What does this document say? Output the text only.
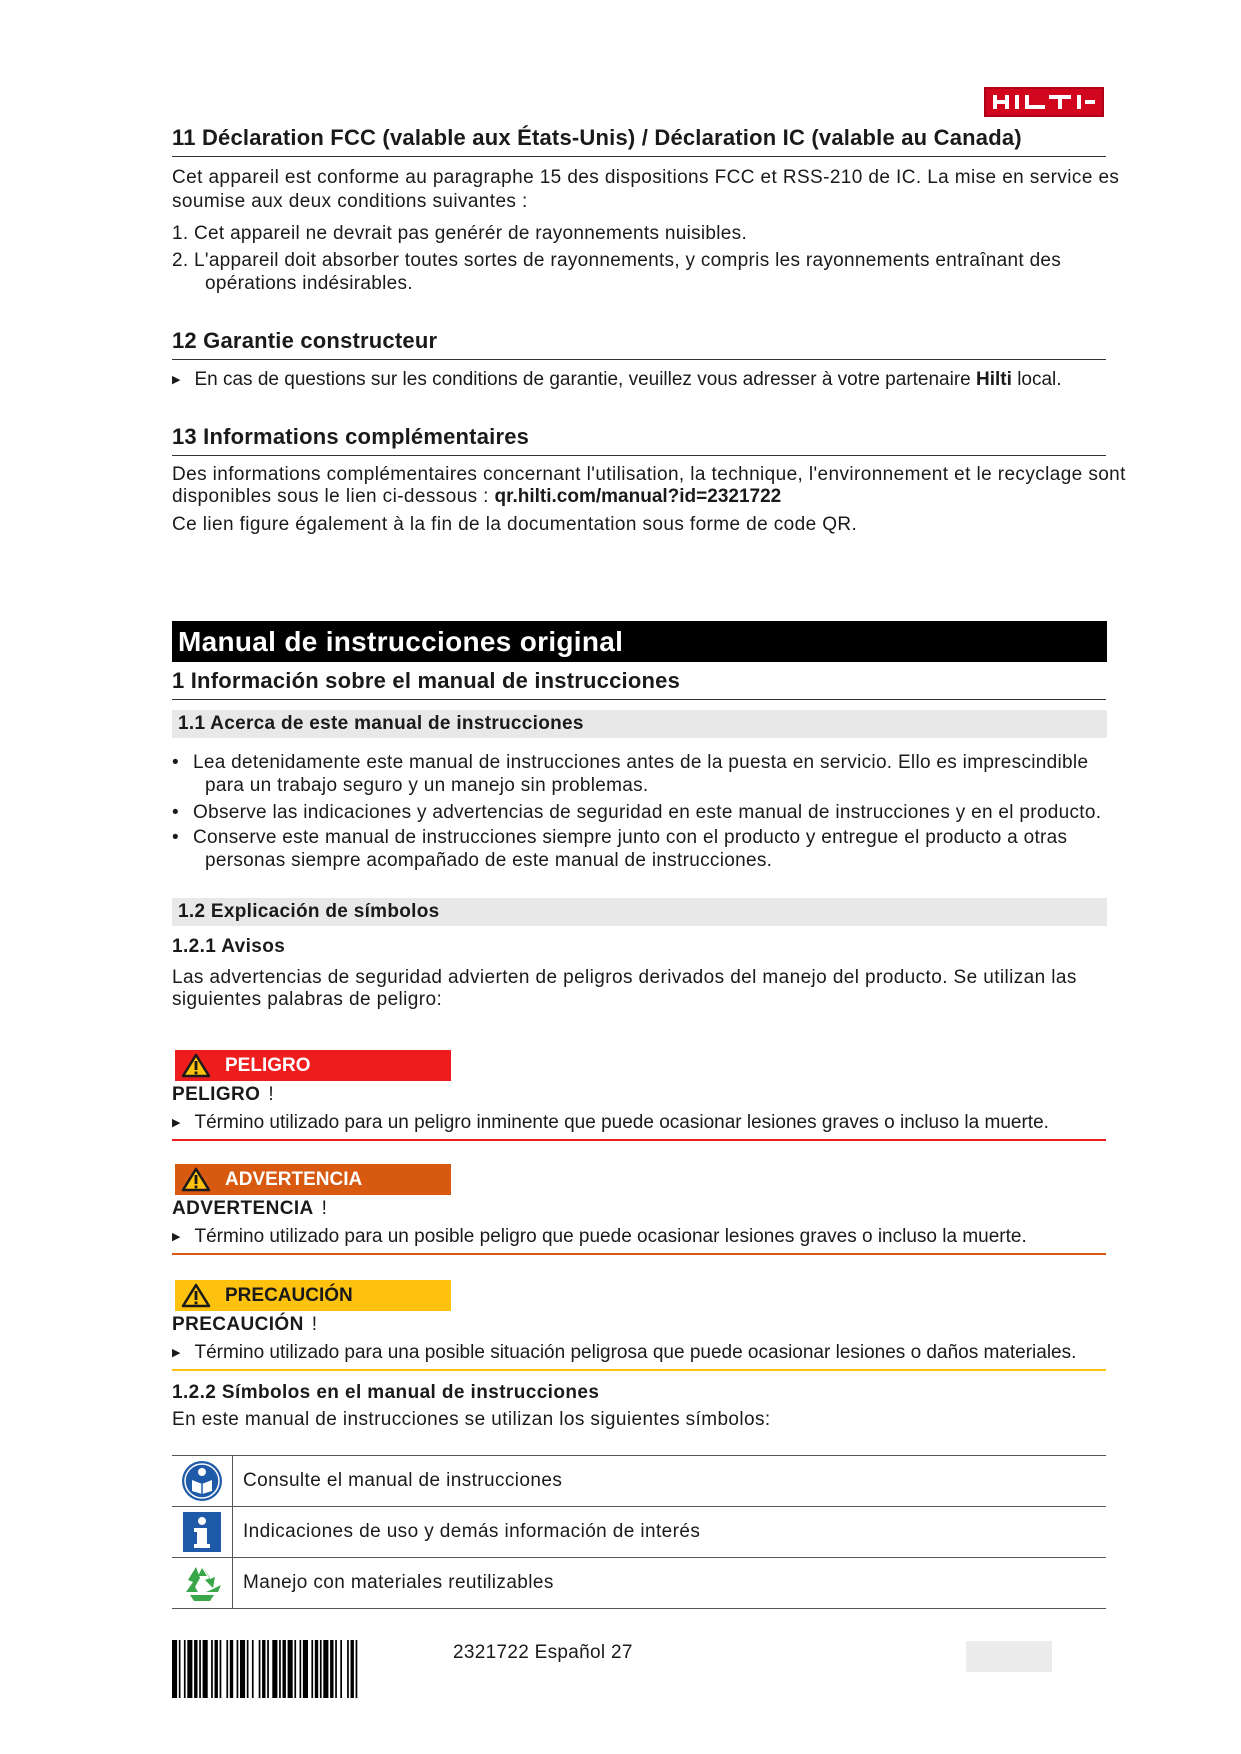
11 Déclaration FCC (valable aux États-Unis) / Déclaration IC (valable au Canada)
Cet appareil est conforme au paragraphe 15 des dispositions FCC et RSS-210 de IC. La mise en service es
soumise aux deux conditions suivantes :
1. Cet appareil ne devrait pas genérér de rayonnements nuisibles.
2. L'appareil doit absorber toutes sortes de rayonnements, y compris les rayonnements entraînant des
opérations indésirables.
12 Garantie constructeur
▶ En cas de questions sur les conditions de garantie, veuillez vous adresser à votre partenaire Hilti local.
13 Informations complémentaires
Des informations complémentaires concernant l'utilisation, la technique, l'environnement et le recyclage sont
disponibles sous le lien ci-dessous : qr.hilti.com/manual?id=2321722
Ce lien figure également à la fin de la documentation sous forme de code QR.
Manual de instrucciones original
1 Información sobre el manual de instrucciones
1.1 Acerca de este manual de instrucciones
• Lea detenidamente este manual de instrucciones antes de la puesta en servicio. Ello es imprescindible
para un trabajo seguro y un manejo sin problemas.
• Observe las indicaciones y advertencias de seguridad en este manual de instrucciones y en el producto.
• Conserve este manual de instrucciones siempre junto con el producto y entregue el producto a otras
personas siempre acompañado de este manual de instrucciones.
1.2 Explicación de símbolos
1.2.1 Avisos
Las advertencias de seguridad advierten de peligros derivados del manejo del producto. Se utilizan las
siguientes palabras de peligro:
PELIGRO
PELIGRO !
▶ Término utilizado para un peligro inminente que puede ocasionar lesiones graves o incluso la muerte.
ADVERTENCIA
ADVERTENCIA !
▶ Término utilizado para un posible peligro que puede ocasionar lesiones graves o incluso la muerte.
PRECAUCIÓN
PRECAUCIÓN !
▶ Término utilizado para una posible situación peligrosa que puede ocasionar lesiones o daños materiales.
1.2.2 Símbolos en el manual de instrucciones
En este manual de instrucciones se utilizan los siguientes símbolos:
Consulte el manual de instrucciones
Indicaciones de uso y demás información de interés
Manejo con materiales reutilizables
2321722 Español 27
